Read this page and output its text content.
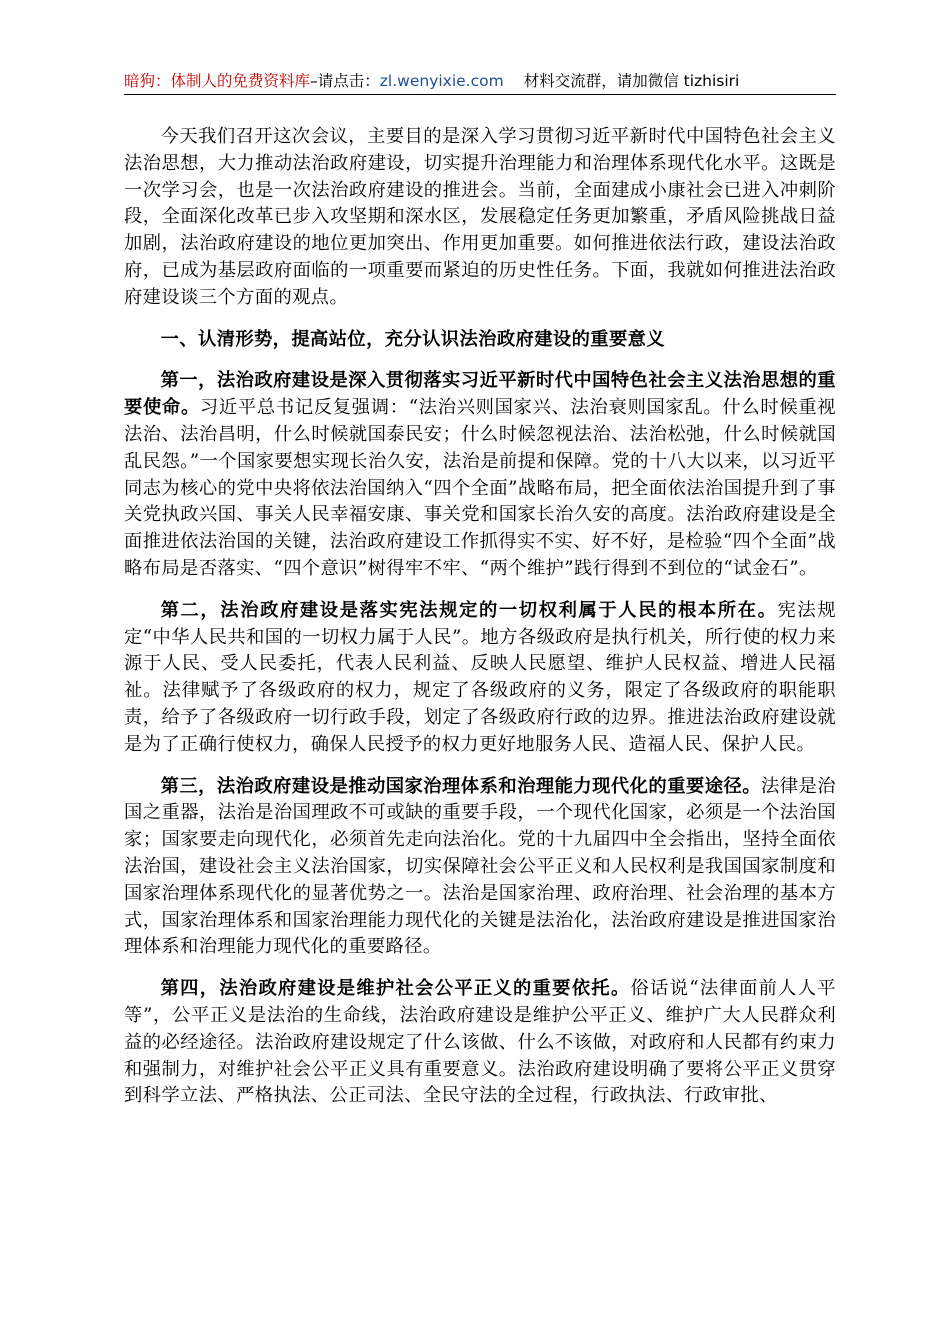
暗狗：体制人的免费资料库 –请点击： zl.wenyixie.com 材料交流群，请加微信 tizhisiri

今天我们召开这次会议，主要目的是深入学习贯彻习近平新时代中国特色社会主义法治思想，大力推动法治政府建设，切实提升治理能力和治理体系现代化水平。这既是一次学习会，也是一次法治政府建设的推进会。当前，全面建成小康社会已进入冲刺阶段，全面深化改革已步入攻坚期和深水区，发展稳定任务更加繁重，矛盾风险挑战日益加剧，法治政府建设的地位更加突出、作用更加重要。如何推进依法行政，建设法治政府，已成为基层政府面临的一项重要而紧迫的历史性任务。下面，我就如何推进法治政府建设谈三个方面的观点。

一、认清形势，提高站位，充分认识法治政府建设的重要意义

第一，法治政府建设是深入贯彻落实习近平新时代中国特色社会主义法治思想的重要使命。习近平总书记反复强调：“法治兴则国家兴、法治衰则国家乱。什么时候重视法治、法治昌明，什么时候就国泰民安；什么时候忽视法治、法治松弛，什么时候就国乱民怨。”一个国家要想实现长治久安，法治是前提和保障。党的十八大以来，以习近平同志为核心的党中央将依法治国纳入“四个全面”战略布局，把全面依法治国提升到了事关党执政兴国、事关人民幸福安康、事关党和国家长治久安的高度。法治政府建设是全面推进依法治国的关键，法治政府建设工作抓得实不实、好不好，是检验“四个全面”战略布局是否落实、“四个意识”树得牢不牢、“两个维护”践行得到不到位的“试金石”。

第二，法治政府建设是落实宪法规定的一切权利属于人民的根本所在。宪法规定“中华人民共和国的一切权力属于人民”。地方各级政府是执行机关，所行使的权力来源于人民、受人民委托，代表人民利益、反映人民愿望、维护人民权益、增进人民福祉。法律赋予了各级政府的权力，规定了各级政府的义务，限定了各级政府的职能职责，给予了各级政府一切行政手段，划定了各级政府行政的边界。推进法治政府建设就是为了正确行使权力，确保人民授予的权力更好地服务人民、造福人民、保护人民。

第三，法治政府建设是推动国家治理体系和治理能力现代化的重要途径。法律是治国之重器，法治是治国理政不可或缺的重要手段，一个现代化国家，必须是一个法治国家；国家要走向现代化，必须首先走向法治化。党的十九届四中全会指出，坚持全面依法治国，建设社会主义法治国家，切实保障社会公平正义和人民权利是我国国家制度和国家治理体系现代化的显著优势之一。法治是国家治理、政府治理、社会治理的基本方式，国家治理体系和国家治理能力现代化的关键是法治化，法治政府建设是推进国家治理体系和治理能力现代化的重要路径。

第四，法治政府建设是维护社会公平正义的重要依托。俗话说“法律面前人人平等”，公平正义是法治的生命线，法治政府建设是维护公平正义、维护广大人民群众利益的必经途径。法治政府建设规定了什么该做、什么不该做，对政府和人民都有约束力和强制力，对维护社会公平正义具有重要意义。法治政府建设明确了要将公平正义贯穿到科学立法、严格执法、公正司法、全民守法的全过程，行政执法、行政审批、
